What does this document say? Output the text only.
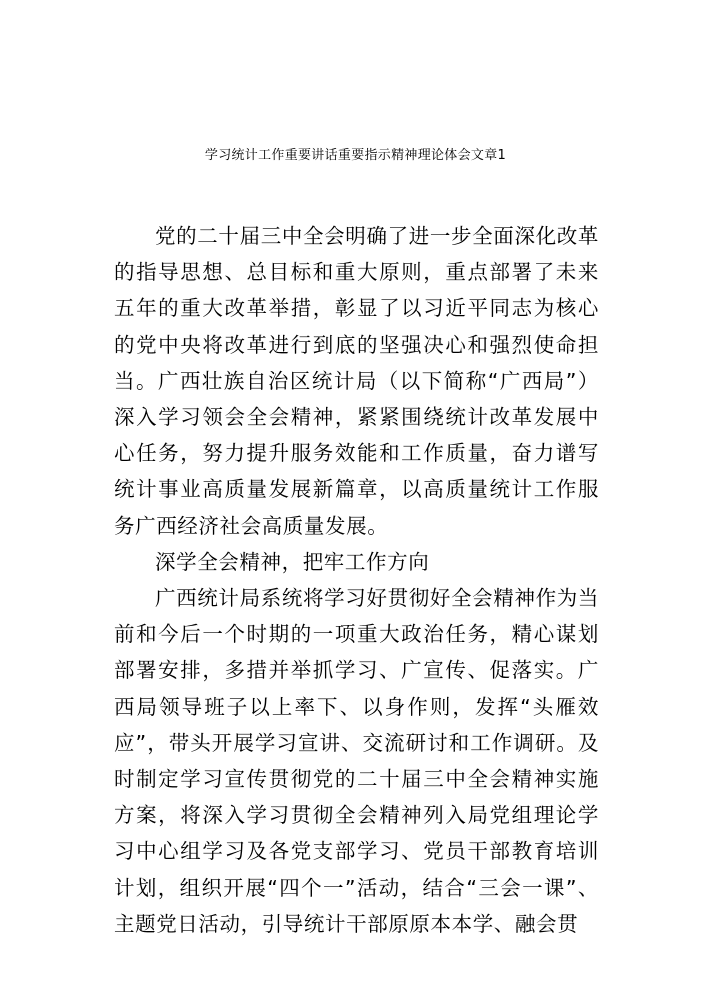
学习统计工作重要讲话重要指示精神理论体会文章1

党的二十届三中全会明确了进一步全面深化改革的指导思想、总目标和重大原则，重点部署了未来五年的重大改革举措，彰显了以习近平同志为核心的党中央将改革进行到底的坚强决心和强烈使命担当。广西壮族自治区统计局（以下简称“广西局”）深入学习领会全会精神，紧紧围绕统计改革发展中心任务，努力提升服务效能和工作质量，奋力谱写统计事业高质量发展新篇章，以高质量统计工作服务广西经济社会高质量发展。

深学全会精神，把牢工作方向

广西统计局系统将学习好贯彻好全会精神作为当前和今后一个时期的一项重大政治任务，精心谋划部署安排，多措并举抓学习、广宣传、促落实。广西局领导班子以上率下、以身作则，发挥“头雁效应”，带头开展学习宣讲、交流研讨和工作调研。及时制定学习宣传贯彻党的二十届三中全会精神实施方案，将深入学习贯彻全会精神列入局党组理论学习中心组学习及各党支部学习、党员干部教育培训计划，组织开展“四个一”活动，结合“三会一课”、主题党日活动，引导统计干部原原本本学、融会贯
